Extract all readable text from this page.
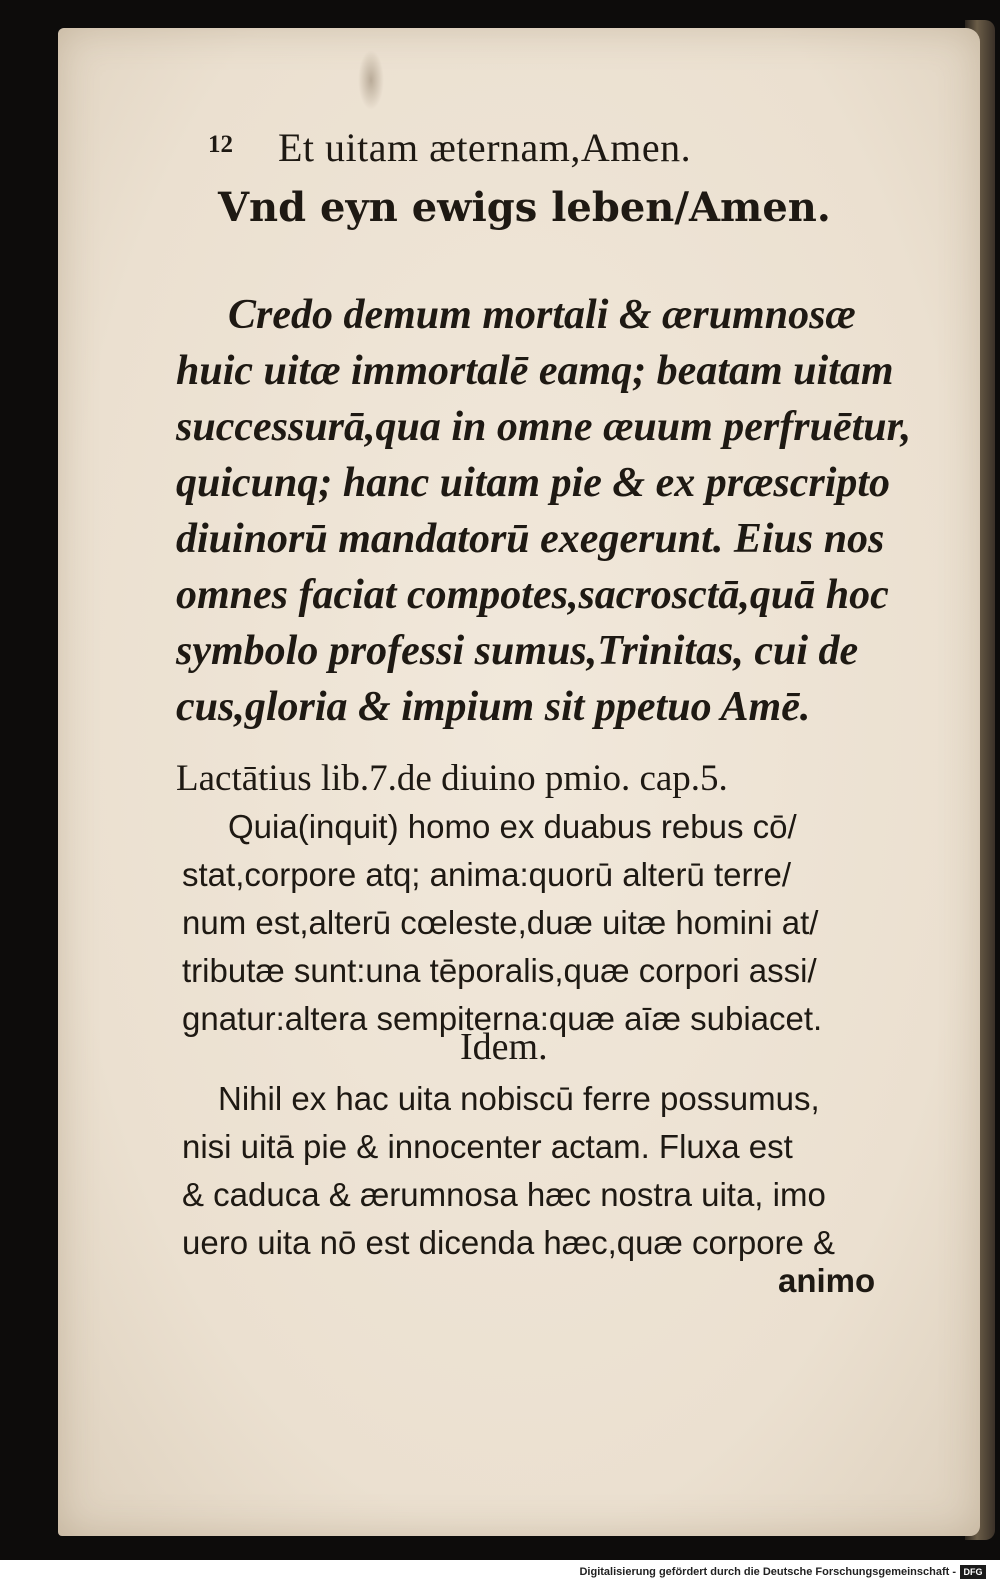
12 Et uitam æternam,Amen.
Vnd eyn ewigs leben/Amen.
Credo demum mortali & ærumnosæ
huic uitæ immortalē eamq; beatam uitam
successurā,qua in omne æuum perfruētur,
quicunq; hanc uitam pie & ex præscripto
diuinorū mandatorū exegerunt. Eius nos
omnes faciat compotes,sacrosctā,quā hoc
symbolo professi sumus,Trinitas, cui de
cus,gloria & impium sit ppetuo Amē.
Lactātius lib.7.de diuino pmio. cap.5.
Quia(inquit) homo ex duabus rebus cō/
stat,corpore atq; anima:quorū alterū terre/
num est,alterū cœleste,duæ uitæ homini at/
tributæ sunt:una tēporalis,quæ corpori assi/
gnatur:altera sempiterna:quæ aīæ subiacet.
Idem.
Nihil ex hac uita nobiscū ferre possumus,
nisi uitā pie & innocenter actam. Fluxa est
& caduca & ærumnosa hæc nostra uita, imo
uero uita nō est dicenda hæc,quæ corpore &
animo
Digitalisierung gefördert durch die Deutsche Forschungsgemeinschaft - DFG
